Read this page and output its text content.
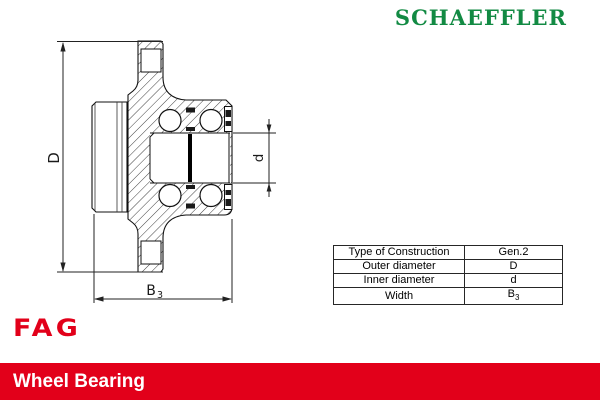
SCHAEFFLER
D	d
B 3
Type of Construction	Gen.2
Outer diameter	D
Inner diameter	d
Width	$B_3$
FAG
Wheel Bearing
